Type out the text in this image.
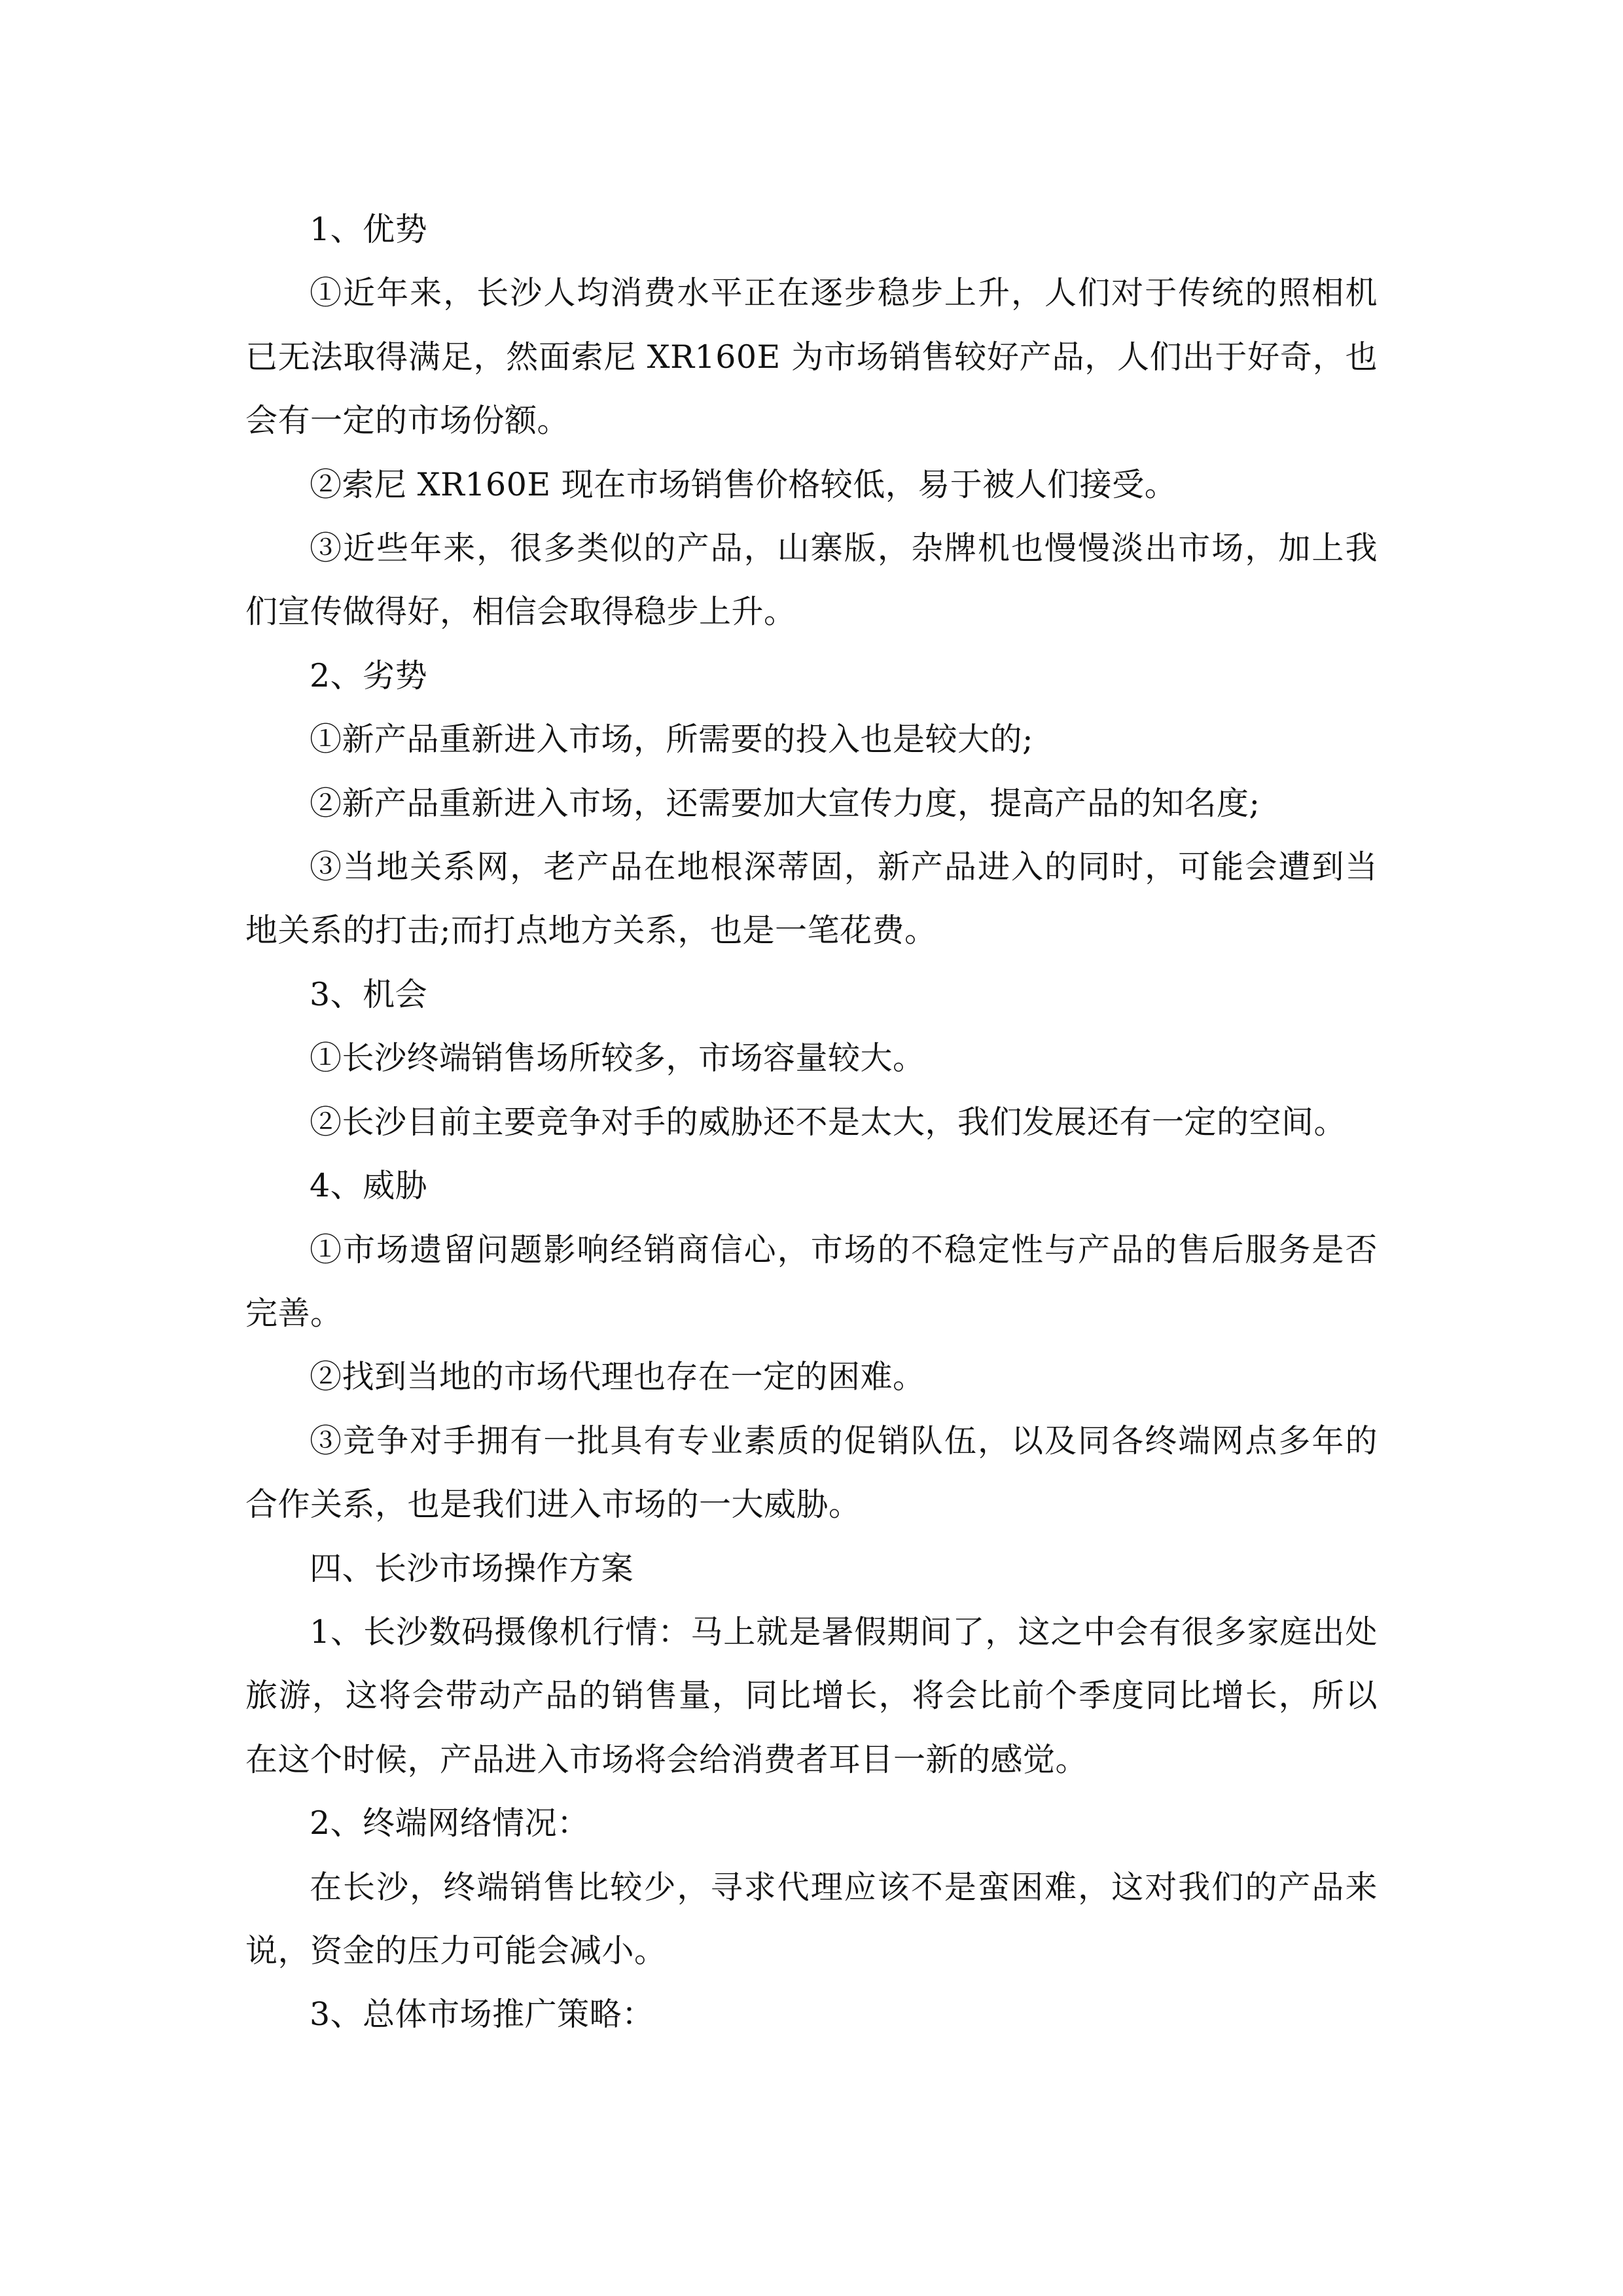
1、优势

①近年来，长沙人均消费水平正在逐步稳步上升，人们对于传统的照相机已无法取得满足，然面索尼 XR160E 为市场销售较好产品，人们出于好奇，也会有一定的市场份额。

②索尼 XR160E 现在市场销售价格较低，易于被人们接受。

③近些年来，很多类似的产品，山寨版，杂牌机也慢慢淡出市场，加上我们宣传做得好，相信会取得稳步上升。

2、劣势

①新产品重新进入市场，所需要的投入也是较大的;

②新产品重新进入市场，还需要加大宣传力度，提高产品的知名度;

③当地关系网，老产品在地根深蒂固，新产品进入的同时，可能会遭到当地关系的打击;而打点地方关系，也是一笔花费。

3、机会

①长沙终端销售场所较多，市场容量较大。

②长沙目前主要竞争对手的威胁还不是太大，我们发展还有一定的空间。

4、威胁

①市场遗留问题影响经销商信心，市场的不稳定性与产品的售后服务是否完善。

②找到当地的市场代理也存在一定的困难。

③竞争对手拥有一批具有专业素质的促销队伍，以及同各终端网点多年的合作关系，也是我们进入市场的一大威胁。

四、长沙市场操作方案

1、长沙数码摄像机行情：马上就是暑假期间了，这之中会有很多家庭出处旅游，这将会带动产品的销售量，同比增长，将会比前个季度同比增长，所以在这个时候，产品进入市场将会给消费者耳目一新的感觉。

2、终端网络情况：

在长沙，终端销售比较少，寻求代理应该不是蛮困难，这对我们的产品来说，资金的压力可能会减小。

3、总体市场推广策略：
